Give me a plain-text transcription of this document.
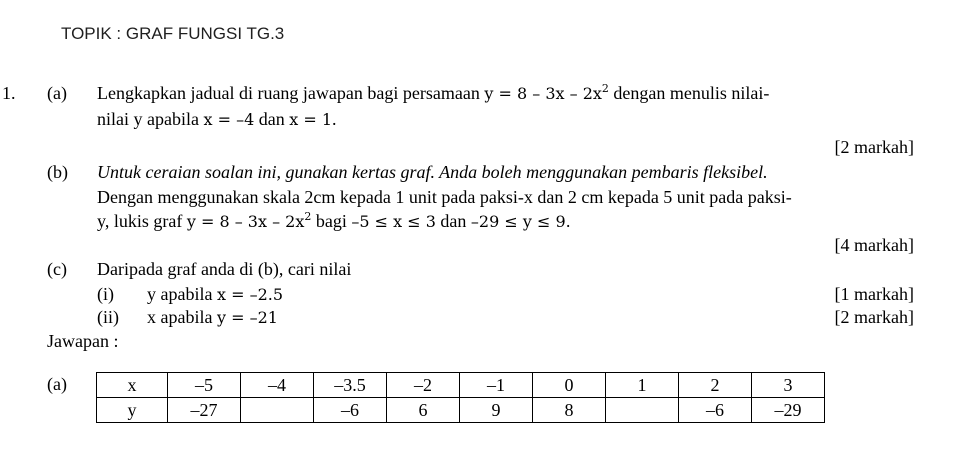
TOPIK : GRAF FUNGSI TG.3
1. (a) Lengkapkan jadual di ruang jawapan bagi persamaan $y = 8 - 3x - 2x^2$ dengan menulis nilai-
nilai y apabila x = –4 dan x = 1.
[2 markah]
(b) Untuk ceraian soalan ini, gunakan kertas graf. Anda boleh menggunakan pembaris fleksibel.
Dengan menggunakan skala 2cm kepada 1 unit pada paksi-x dan 2 cm kepada 5 unit pada paksi-
y, lukis graf $y = 8 - 3x - 2x^2$ bagi –5 ≤ x ≤ 3 dan –29 ≤ y ≤ 9.
[4 markah]
(c) Daripada graf anda di (b), cari nilai
(i) y apabila x = –2.5	[1 markah]
(ii) x apabila y = –21	[2 markah]
Jawapan :
(a)	x	–5	–4	–3.5	–2	–1	0	1	2	3
y	–27		–6	6	9	8		–6	–29
